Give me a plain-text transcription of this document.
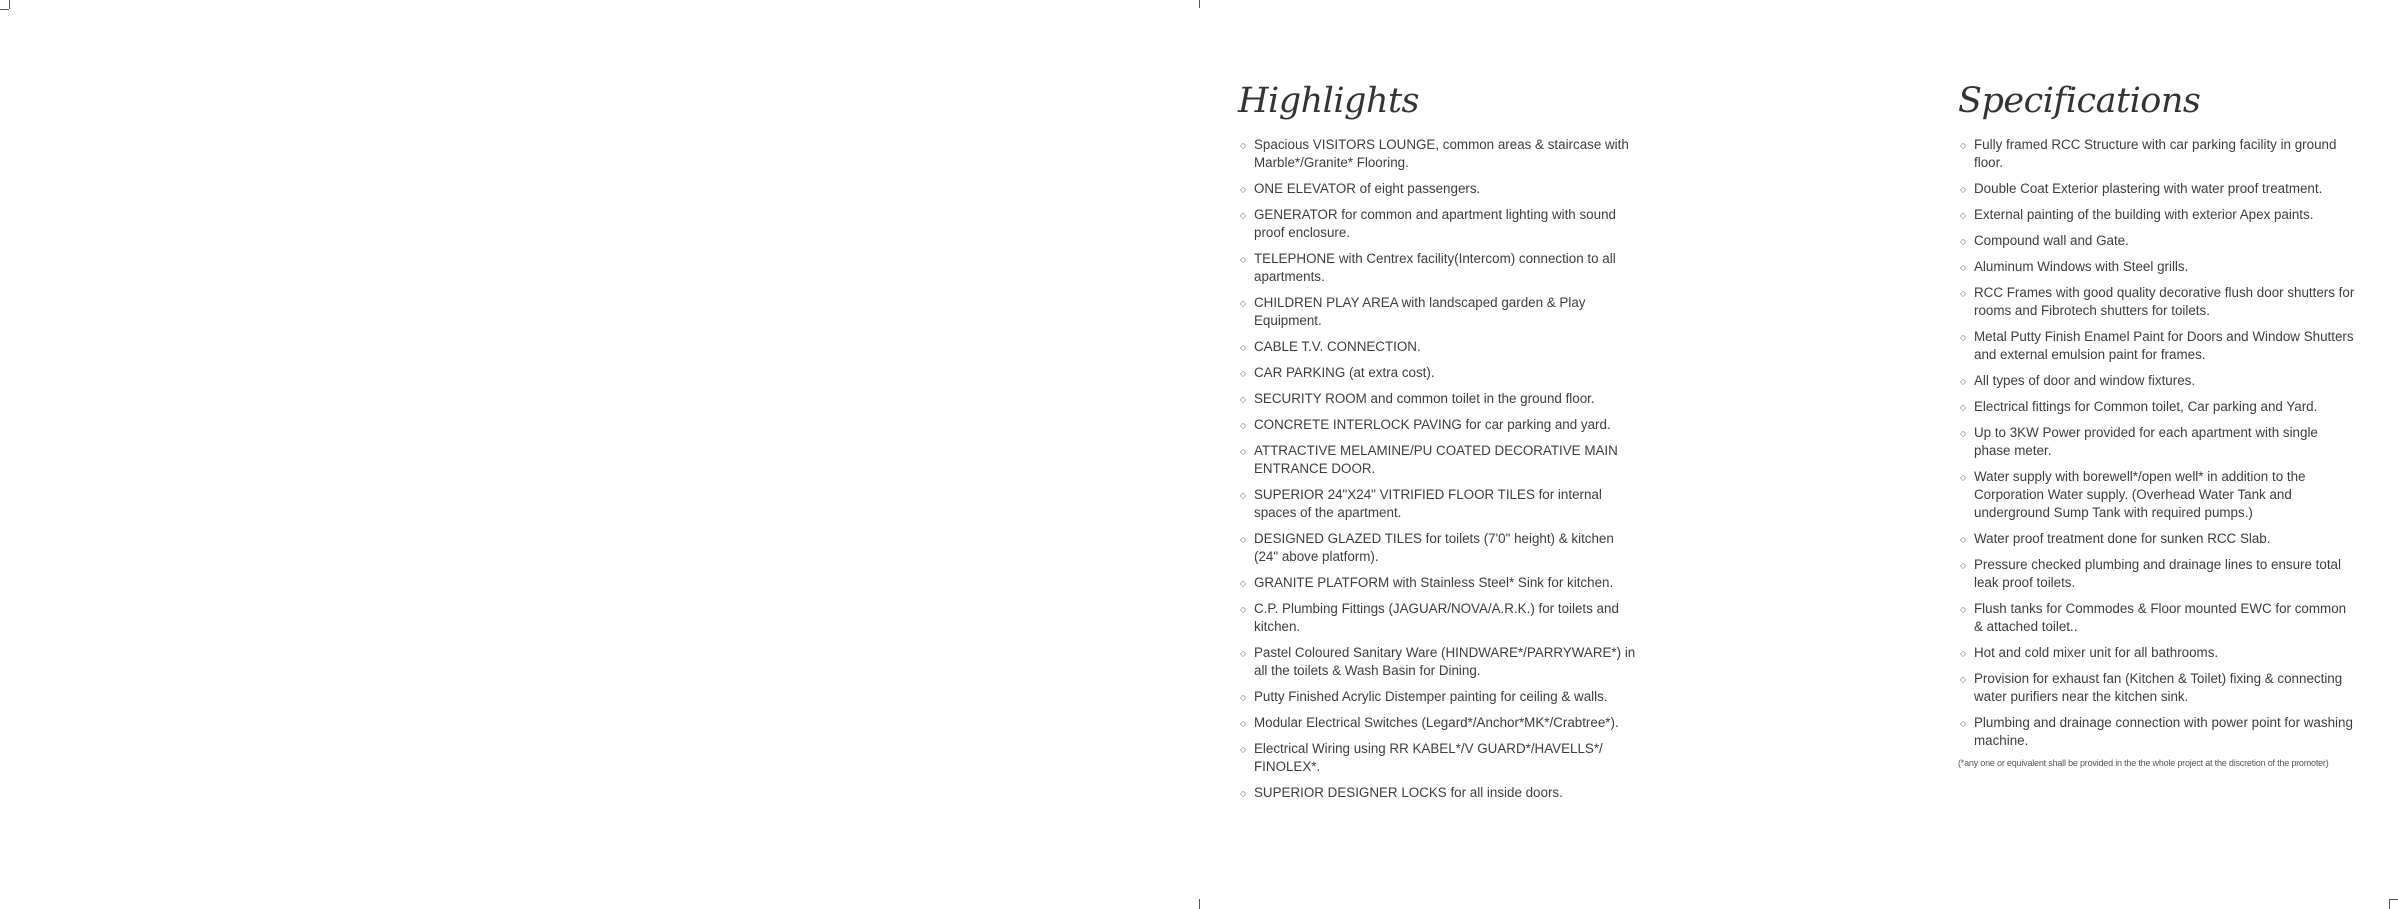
Highlights
◇ Spacious VISITORS LOUNGE, common areas & staircase with Marble*/Granite* Flooring.
◇ ONE ELEVATOR of eight passengers.
◇ GENERATOR for common and apartment lighting with sound proof enclosure.
◇ TELEPHONE with Centrex facility(Intercom) connection to all apartments.
◇ CHILDREN PLAY AREA with landscaped garden & Play Equipment.
◇ CABLE T.V. CONNECTION.
◇ CAR PARKING (at extra cost).
◇ SECURITY ROOM and common toilet in the ground floor.
◇ CONCRETE INTERLOCK PAVING for car parking and yard.
◇ ATTRACTIVE MELAMINE/PU COATED DECORATIVE MAIN ENTRANCE DOOR.
◇ SUPERIOR 24"X24" VITRIFIED FLOOR TILES for internal spaces of the apartment.
◇ DESIGNED GLAZED TILES for toilets (7'0" height) & kitchen (24" above platform).
◇ GRANITE PLATFORM with Stainless Steel* Sink for kitchen.
◇ C.P. Plumbing Fittings (JAGUAR/NOVA/A.R.K.) for toilets and kitchen.
◇ Pastel Coloured Sanitary Ware (HINDWARE*/PARRYWARE*) in all the toilets & Wash Basin for Dining.
◇ Putty Finished Acrylic Distemper painting for ceiling & walls.
◇ Modular Electrical Switches (Legard*/Anchor*MK*/Crabtree*).
◇ Electrical Wiring using RR KABEL*/V GUARD*/HAVELLS*/ FINOLEX*.
◇ SUPERIOR DESIGNER LOCKS for all inside doors.
Specifications
◇ Fully framed RCC Structure with car parking facility in ground floor.
◇ Double Coat Exterior plastering with water proof treatment.
◇ External painting of the building with exterior Apex paints.
◇ Compound wall and Gate.
◇ Aluminum Windows with Steel grills.
◇ RCC Frames with good quality decorative flush door shutters for rooms and Fibrotech shutters for toilets.
◇ Metal Putty Finish Enamel Paint for Doors and Window Shutters and external emulsion paint for frames.
◇ All types of door and window fixtures.
◇ Electrical fittings for Common toilet, Car parking and Yard.
◇ Up to 3KW Power provided for each apartment with single phase meter.
◇ Water supply with borewell*/open well* in addition to the Corporation Water supply. (Overhead Water Tank and underground Sump Tank with required pumps.)
◇ Water proof treatment done for sunken RCC Slab.
◇ Pressure checked plumbing and drainage lines to ensure total leak proof toilets.
◇ Flush tanks for Commodes & Floor mounted EWC for common & attached toilet..
◇ Hot and cold mixer unit for all bathrooms.
◇ Provision for exhaust fan (Kitchen & Toilet) fixing & connecting water purifiers near the kitchen sink.
◇ Plumbing and drainage connection with power point for washing machine.
(*any one or equivalent shall be provided in the the whole project at the discretion of the promoter)
